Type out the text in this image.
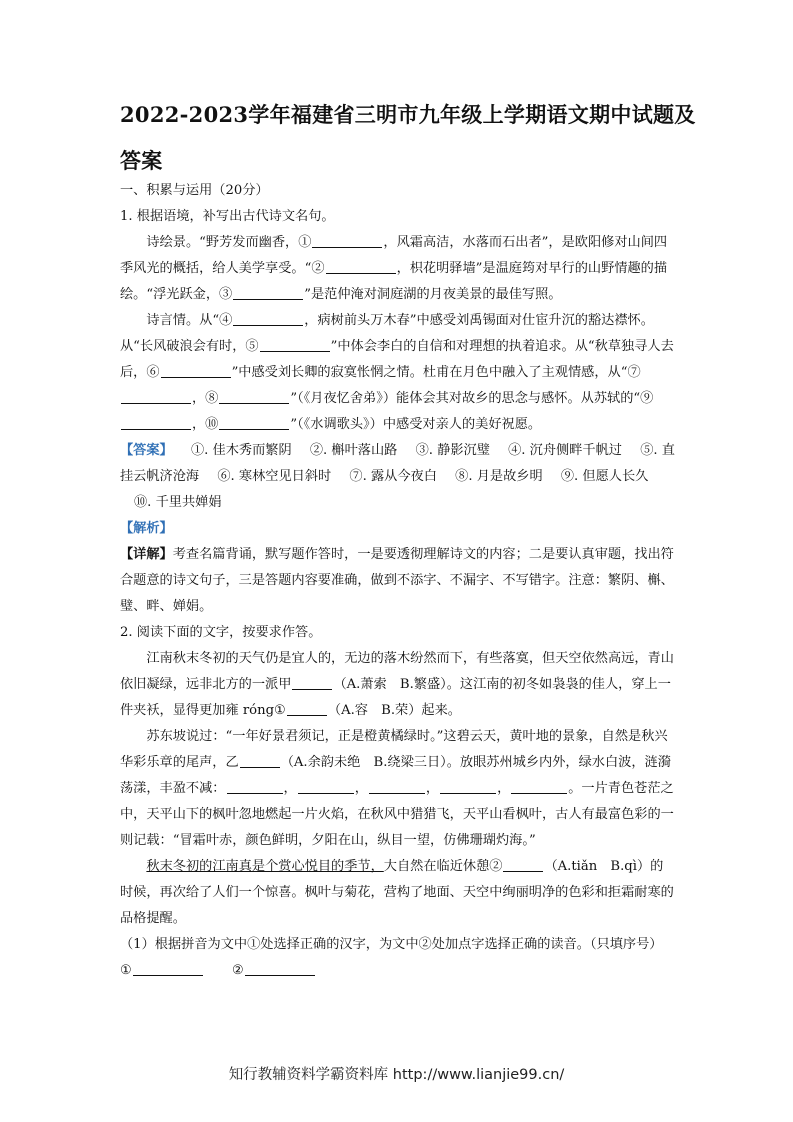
2022-2023学年福建省三明市九年级上学期语文期中试题及答案

一、积累与运用（20分）

1. 根据语境，补写出古代诗文名句。

诗绘景。“野芳发而幽香，①	，风霜高洁，水落而石出者”，是欧阳修对山间四季风光的概括，给人美学享受。“②	，枳花明驿墙”是温庭筠对早行的山野情趣的描绘。“浮光跃金，③	”是范仲淹对洞庭湖的月夜美景的最佳写照。

诗言情。从“④	，病树前头万木春”中感受刘禹锡面对仕宦升沉的豁达襟怀。从“长风破浪会有时，⑤	”中体会李白的自信和对理想的执着追求。从“秋草独寻人去后，⑥	”中感受刘长卿的寂寞怅惘之情。杜甫在月色中融入了主观情感，从“⑦，⑧	”（《月夜忆舍弟》）能体会其对故乡的思念与感怀。从苏轼的“⑨，⑩	”（《水调歌头》）中感受对亲人的美好祝愿。

【答案】 ①. 佳木秀而繁阴 ②. 槲叶落山路 ③. 静影沉璧 ④. 沉舟侧畔千帆过 ⑤. 直挂云帆济沧海 ⑥. 寒林空见日斜时 ⑦. 露从今夜白 ⑧. 月是故乡明 ⑨. 但愿人长久 ⑩. 千里共婵娟

【解析】

【详解】考查名篇背诵，默写题作答时，一是要透彻理解诗文的内容；二是要认真审题，找出符合题意的诗文句子，三是答题内容要准确，做到不添字、不漏字、不写错字。注意：繁阴、槲、璧、畔、婵娟。

2. 阅读下面的文字，按要求作答。

江南秋末冬初的天气仍是宜人的，无边的落木纷然而下，有些落寞，但天空依然高远，青山依旧凝绿，远非北方的一派甲	（A.萧索　B.繁盛）。这江南的初冬如袅袅的佳人，穿上一件夹袄，显得更加雍 róng①	（A.容　B.荣）起来。

苏东坡说过：“一年好景君须记，正是橙黄橘绿时。”这碧云天，黄叶地的景象，自然是秋兴华彩乐章的尾声，乙	（A.余韵未绝　B.绕梁三日）。放眼苏州城乡内外，绿水白波，涟漪荡漾，丰盈不减：	，	，	，	，	。一片青色苍茫之中，天平山下的枫叶忽地燃起一片火焰，在秋风中猎猎飞，天平山看枫叶，古人有最富色彩的一则记载：“冒霜叶赤，颜色鲜明，夕阳在山，纵目一望，仿佛珊瑚灼海。”

秋末冬初的江南真是个赏心悦目的季节，大自然在临近休憩②	（A.tiǎn　B.qì）的时候，再次给了人们一个惊喜。枫叶与菊花，营构了地面、天空中绚丽明净的色彩和拒霜耐寒的品格提醒。

（1）根据拼音为文中①处选择正确的汉字，为文中②处加点字选择正确的读音。（只填序号）

①	②

知行教辅资料学霸资料库 http://www.lianjie99.cn/
